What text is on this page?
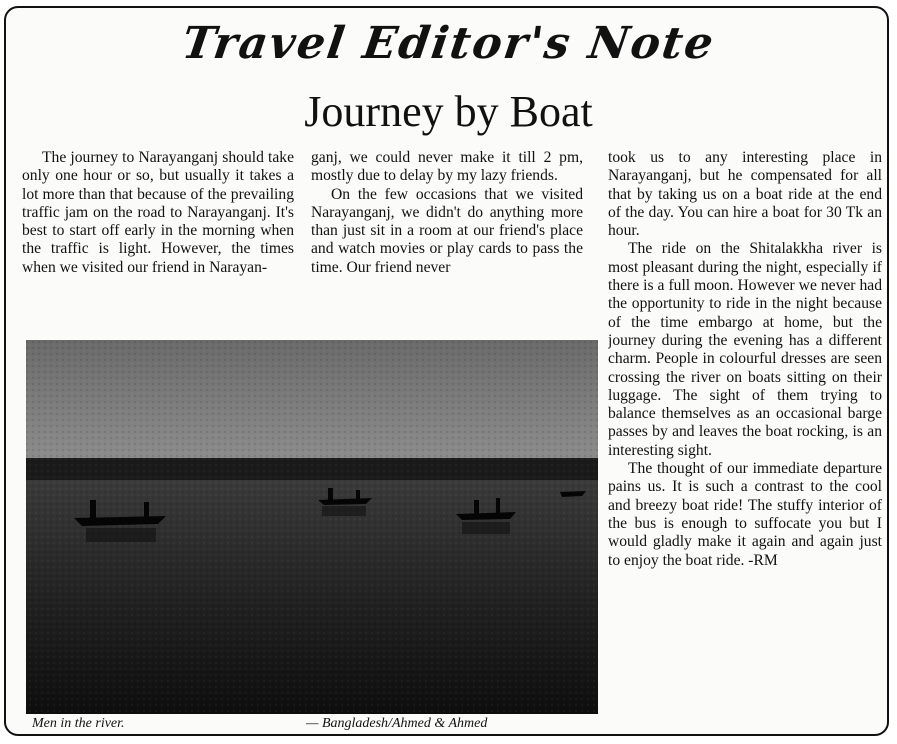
Travel Editor's Note
Journey by Boat

The journey to Narayanganj should take only one hour or so, but usually it takes a lot more than that because of the prevailing traffic jam on the road to Narayanganj. It's best to start off early in the morning when the traffic is light. However, the times when we visited our friend in Narayan-

ganj, we could never make it till 2 pm, mostly due to delay by my lazy friends.

On the few occasions that we visited Narayanganj, we didn't do anything more than just sit in a room at our friend's place and watch movies or play cards to pass the time. Our friend never

took us to any interesting place in Narayanganj, but he compensated for all that by taking us on a boat ride at the end of the day. You can hire a boat for 30 Tk an hour.

The ride on the Shitalakkha river is most pleasant during the night, especially if there is a full moon. However we never had the opportunity to ride in the night because of the time embargo at home, but the journey during the evening has a different charm. People in colourful dresses are seen crossing the river on boats sitting on their luggage. The sight of them trying to balance themselves as an occasional barge passes by and leaves the boat rocking, is an interesting sight.

The thought of our immediate departure pains us. It is such a contrast to the cool and breezy boat ride! The stuffy interior of the bus is enough to suffocate you but I would gladly make it again and again just to enjoy the boat ride. -RM

Men in the river.	— Bangladesh/Ahmed & Ahmed
